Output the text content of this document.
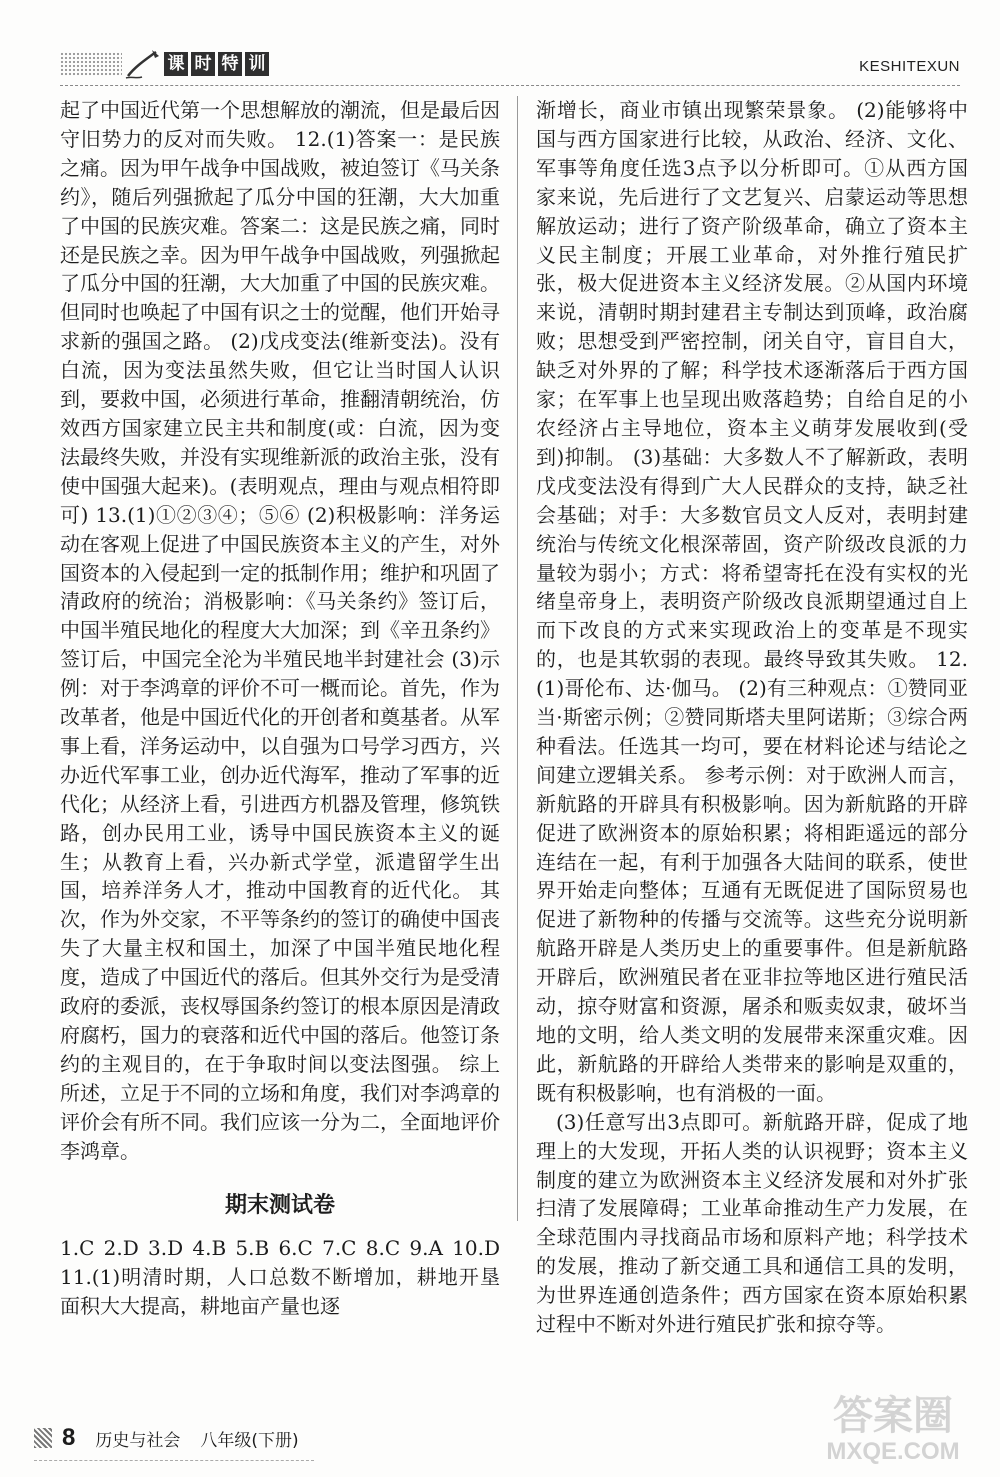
课 时 特 训	KESHITEXUN

起了中国近代第一个思想解放的潮流，但是最后因守旧势力的反对而失败。 12.(1)答案一：是民族之痛。因为甲午战争中国战败，被迫签订《马关条约》，随后列强掀起了瓜分中国的狂潮，大大加重了中国的民族灾难。答案二：这是民族之痛，同时还是民族之幸。因为甲午战争中国战败，列强掀起了瓜分中国的狂潮，大大加重了中国的民族灾难。但同时也唤起了中国有识之士的觉醒，他们开始寻求新的强国之路。 (2)戊戌变法(维新变法)。没有白流，因为变法虽然失败，但它让当时国人认识到，要救中国，必须进行革命，推翻清朝统治，仿效西方国家建立民主共和制度(或：白流，因为变法最终失败，并没有实现维新派的政治主张，没有使中国强大起来)。(表明观点，理由与观点相符即可) 13.(1)①②③④；⑤⑥ (2)积极影响：洋务运动在客观上促进了中国民族资本主义的产生，对外国资本的入侵起到一定的抵制作用；维护和巩固了清政府的统治；消极影响：《马关条约》签订后，中国半殖民地化的程度大大加深；到《辛丑条约》签订后，中国完全沦为半殖民地半封建社会 (3)示例：对于李鸿章的评价不可一概而论。首先，作为改革者，他是中国近代化的开创者和奠基者。从军事上看，洋务运动中，以自强为口号学习西方，兴办近代军事工业，创办近代海军，推动了军事的近代化；从经济上看，引进西方机器及管理，修筑铁路，创办民用工业，诱导中国民族资本主义的诞生；从教育上看，兴办新式学堂，派遣留学生出国，培养洋务人才，推动中国教育的近代化。 其次，作为外交家，不平等条约的签订的确使中国丧失了大量主权和国土，加深了中国半殖民地化程度，造成了中国近代的落后。但其外交行为是受清政府的委派，丧权辱国条约签订的根本原因是清政府腐朽，国力的衰落和近代中国的落后。他签订条约的主观目的，在于争取时间以变法图强。 综上所述，立足于不同的立场和角度，我们对李鸿章的评价会有所不同。我们应该一分为二，全面地评价李鸿章。

期末测试卷

1.C 2.D 3.D 4.B 5.B 6.C 7.C 8.C 9.A 10.D 11.(1)明清时期，人口总数不断增加，耕地开垦面积大大提高，耕地亩产量也逐

渐增长，商业市镇出现繁荣景象。 (2)能够将中国与西方国家进行比较，从政治、经济、文化、军事等角度任选3点予以分析即可。①从西方国家来说，先后进行了文艺复兴、启蒙运动等思想解放运动；进行了资产阶级革命，确立了资本主义民主制度；开展工业革命，对外推行殖民扩张，极大促进资本主义经济发展。②从国内环境来说，清朝时期封建君主专制达到顶峰，政治腐败；思想受到严密控制，闭关自守，盲目自大，缺乏对外界的了解；科学技术逐渐落后于西方国家；在军事上也呈现出败落趋势；自给自足的小农经济占主导地位，资本主义萌芽发展收到(受到)抑制。 (3)基础：大多数人不了解新政，表明戊戌变法没有得到广大人民群众的支持，缺乏社会基础；对手：大多数官员文人反对，表明封建统治与传统文化根深蒂固，资产阶级改良派的力量较为弱小；方式：将希望寄托在没有实权的光绪皇帝身上，表明资产阶级改良派期望通过自上而下改良的方式来实现政治上的变革是不现实的，也是其软弱的表现。最终导致其失败。 12.(1)哥伦布、达·伽马。 (2)有三种观点：①赞同亚当·斯密示例；②赞同斯塔夫里阿诺斯；③综合两种看法。任选其一均可，要在材料论述与结论之间建立逻辑关系。 参考示例：对于欧洲人而言，新航路的开辟具有积极影响。因为新航路的开辟促进了欧洲资本的原始积累；将相距遥远的部分连结在一起，有利于加强各大陆间的联系，使世界开始走向整体；互通有无既促进了国际贸易也促进了新物种的传播与交流等。这些充分说明新航路开辟是人类历史上的重要事件。但是新航路开辟后，欧洲殖民者在亚非拉等地区进行殖民活动，掠夺财富和资源，屠杀和贩卖奴隶，破坏当地的文明，给人类文明的发展带来深重灾难。因此，新航路的开辟给人类带来的影响是双重的，既有积极影响，也有消极的一面。

(3)任意写出3点即可。新航路开辟，促成了地理上的大发现，开拓人类的认识视野；资本主义制度的建立为欧洲资本主义经济发展和对外扩张扫清了发展障碍；工业革命推动生产力发展，在全球范围内寻找商品市场和原料产地；科学技术的发展，推动了新交通工具和通信工具的发明，为世界连通创造条件；西方国家在资本原始积累过程中不断对外进行殖民扩张和掠夺等。

8 历史与社会 八年级(下册)
答案圈
MXQE.COM
